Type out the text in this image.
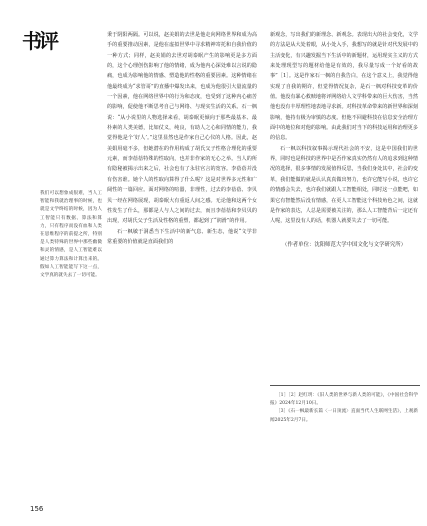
书评
我们可以想象成很难，当人工智能和我就治理事的时候，也就是文学终结的时候，因为人工智能只有数据、算法和算力，只有程序而没有血和人类在思维程序的前提之所，特别是人类特殊的世界中那些幽微和灵的情感，是人工智能难以通过算力算法和计算出来的。假如人工智能能写下这一点，文学真的就失去了一切可能。

秉于阴阳两隔。可以说，赵美娟的去世是他走向网络世界和成为高手的重要推动因素，是他在虚拟世界中寻求精神寄托和自我价值的一种方式；同样，赵美娟的去世对胡泰眠产生的影响更是多方面的，这个心理创伤影响了他的情绪，成为他内心深处难以言说的隐痛，也成为影响他的情感、塑造他的性格的重要因素。这种情绪在他最终成为“求管哥”的直播中爆发出来，也成为他很引大量流量的一个因素，他在网络世界中的行为和态度，也受到了这种内心痛苦的影响，促使他不断思考自己与网络、与现实生活的关系。石一枫说：“从小说里的人物选择来看，胡泰眠更倾向于那些最基本、最朴素的人类美德，比如仗义，纯良，有助人之心和同情的能力，我觉得他是个‘好人’。”这里显然也是作家自己心仪的人格。因此，赵美娟用毫不多，但她潜在的作用构成了胡氏父子性格合理化的重要元素，而李蓓蓓特殊的性取向，也并非作家的无心之举。当人的所有隐秘被揭示出来之后，社会也有了永驻官言的宽容。李蓓蓓并没有伤害谁。她个人的性取向算得了什么呢？这是对世界多元性和广阔性的一篇回应。面对网络的喧嚣，非理性，过去的李蓓蓓、李贝贝一经在网络展现，胡泰眠大有重返人间之感。无论他和这两个女性发生了什么，那都是人与人之间的过去，而且李蓓蓓和李贝贝的出现，对胡氏父子生活及性格的重塑，都起到了“润滑”的作用。

石一枫敏于洞悉当下生活中的新气息、新生态，他说“文学非常重要的价值就是直面我们的

新观念，写出我们的新理念、新观念。表现出大的社会变化，文学的方法是从大处着眼，从小处入手，我想写的就是针对代发展中的主活变化，有兴趣发掘当下生活中的新题材，运用现实主义的方式来处理现型写的题材给他是有效的，我尽量写成一个好看的故事”［1］。这是作家石一枫的自我告白，在这个意义上，我觉得他实现了自我的期许，但觉得情况复杂，是石一枫对科技变革的价值。他没有暴心救赎地将评网络给人文学科带来的巨大伤害，当然他也没有丰厚理性地表地寻求新。对科技革命带来的新世界和深刻影响，他持有极为审慎的态度。但他不回避科技在信息安全治理方面中的地位和对他的影响。由此我们对当下的科技运用和治理更多的信息。

石一枫以科技叙事揭示现代社会的不安，这是中国我们的世界，同时也是科技的世界中是否作家真实仍然有人的追求到这种情况的选择，很多事情的发展值得反思，当我们身处其中，社会的变革，我们能做的就是认认真真做出努力，也许它能写小说，也许它的情感会失去，也许我们就跟人工智能相处，同时这一点能吧，如果它有智能然后没有情感，在更人工智能这个科技角色之间，这就是作家的表达，人总是需要被关注的，那么人工智能背后一定还有人呢，这里没有人的话，机器人就要失去了一切可能。

（作者单位：沈阳师范大学中国文化与文学研究所）
［1］［2］赵红玥：《旧人类的世界与新人类的可能》，《中国社会科学报》2024年12月10日。
［3］《石一枫最新长篇〈一日顶流〉直面当代人生联网生活》，上观新闻2025年2月7日。
156
